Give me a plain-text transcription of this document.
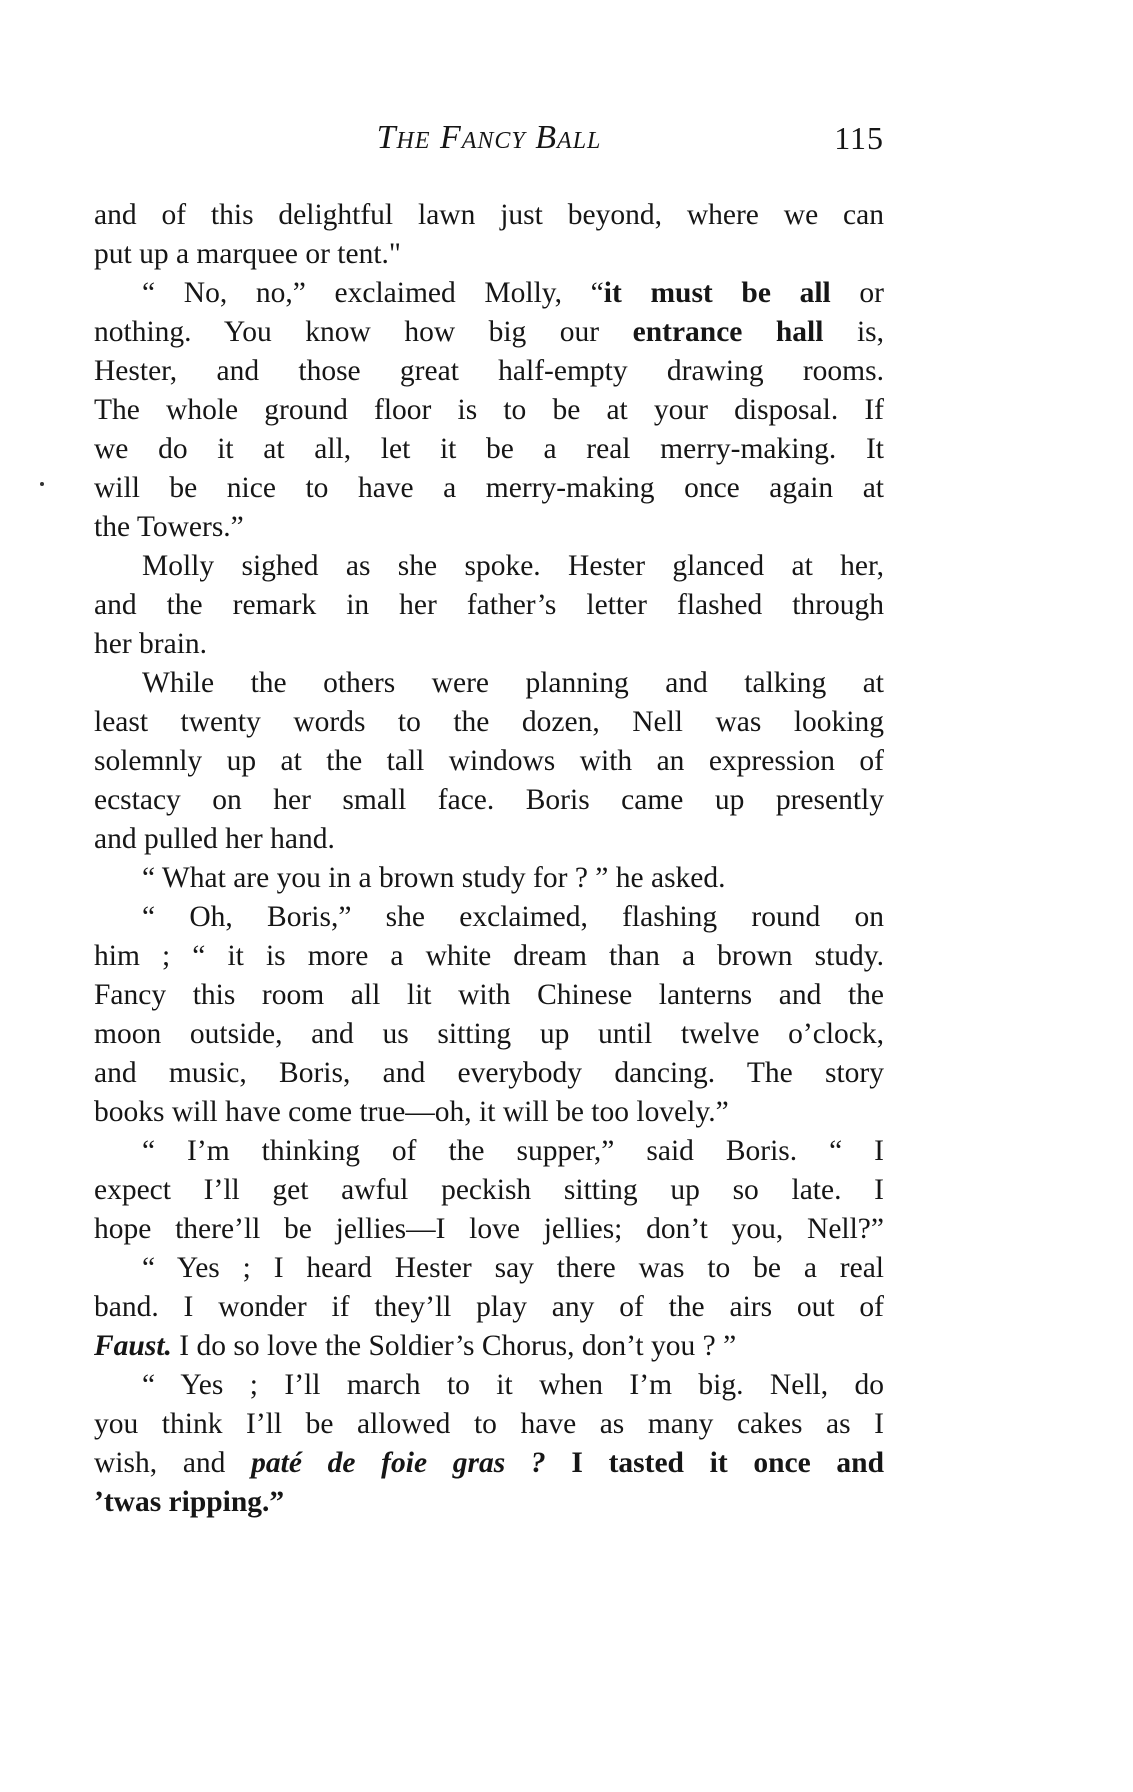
The Fancy Ball	115
and of this delightful lawn just beyond, where we can
put up a marquee or tent."
“ No, no,” exclaimed Molly, “it must be all or
nothing. You know how big our entrance hall is,
Hester, and those great half-empty drawing rooms.
The whole ground floor is to be at your disposal. If
we do it at all, let it be a real merry-making. It
will be nice to have a merry-making once again at
the Towers.”
Molly sighed as she spoke. Hester glanced at her,
and the remark in her father’s letter flashed through
her brain.
While the others were planning and talking at
least twenty words to the dozen, Nell was looking
solemnly up at the tall windows with an expression of
ecstacy on her small face. Boris came up presently
and pulled her hand.
“ What are you in a brown study for ? ” he asked.
“ Oh, Boris,” she exclaimed, flashing round on
him ; “ it is more a white dream than a brown study.
Fancy this room all lit with Chinese lanterns and the
moon outside, and us sitting up until twelve o’clock,
and music, Boris, and everybody dancing. The story
books will have come true—oh, it will be too lovely.”
“ I’m thinking of the supper,” said Boris. “ I
expect I’ll get awful peckish sitting up so late. I
hope there’ll be jellies—I love jellies; don’t you, Nell?”
“ Yes ; I heard Hester say there was to be a real
band. I wonder if they’ll play any of the airs out of
Faust. I do so love the Soldier’s Chorus, don’t you ? ”
“ Yes ; I’ll march to it when I’m big. Nell, do
you think I’ll be allowed to have as many cakes as I
wish, and paté de foie gras ? I tasted it once and
’twas ripping.”
